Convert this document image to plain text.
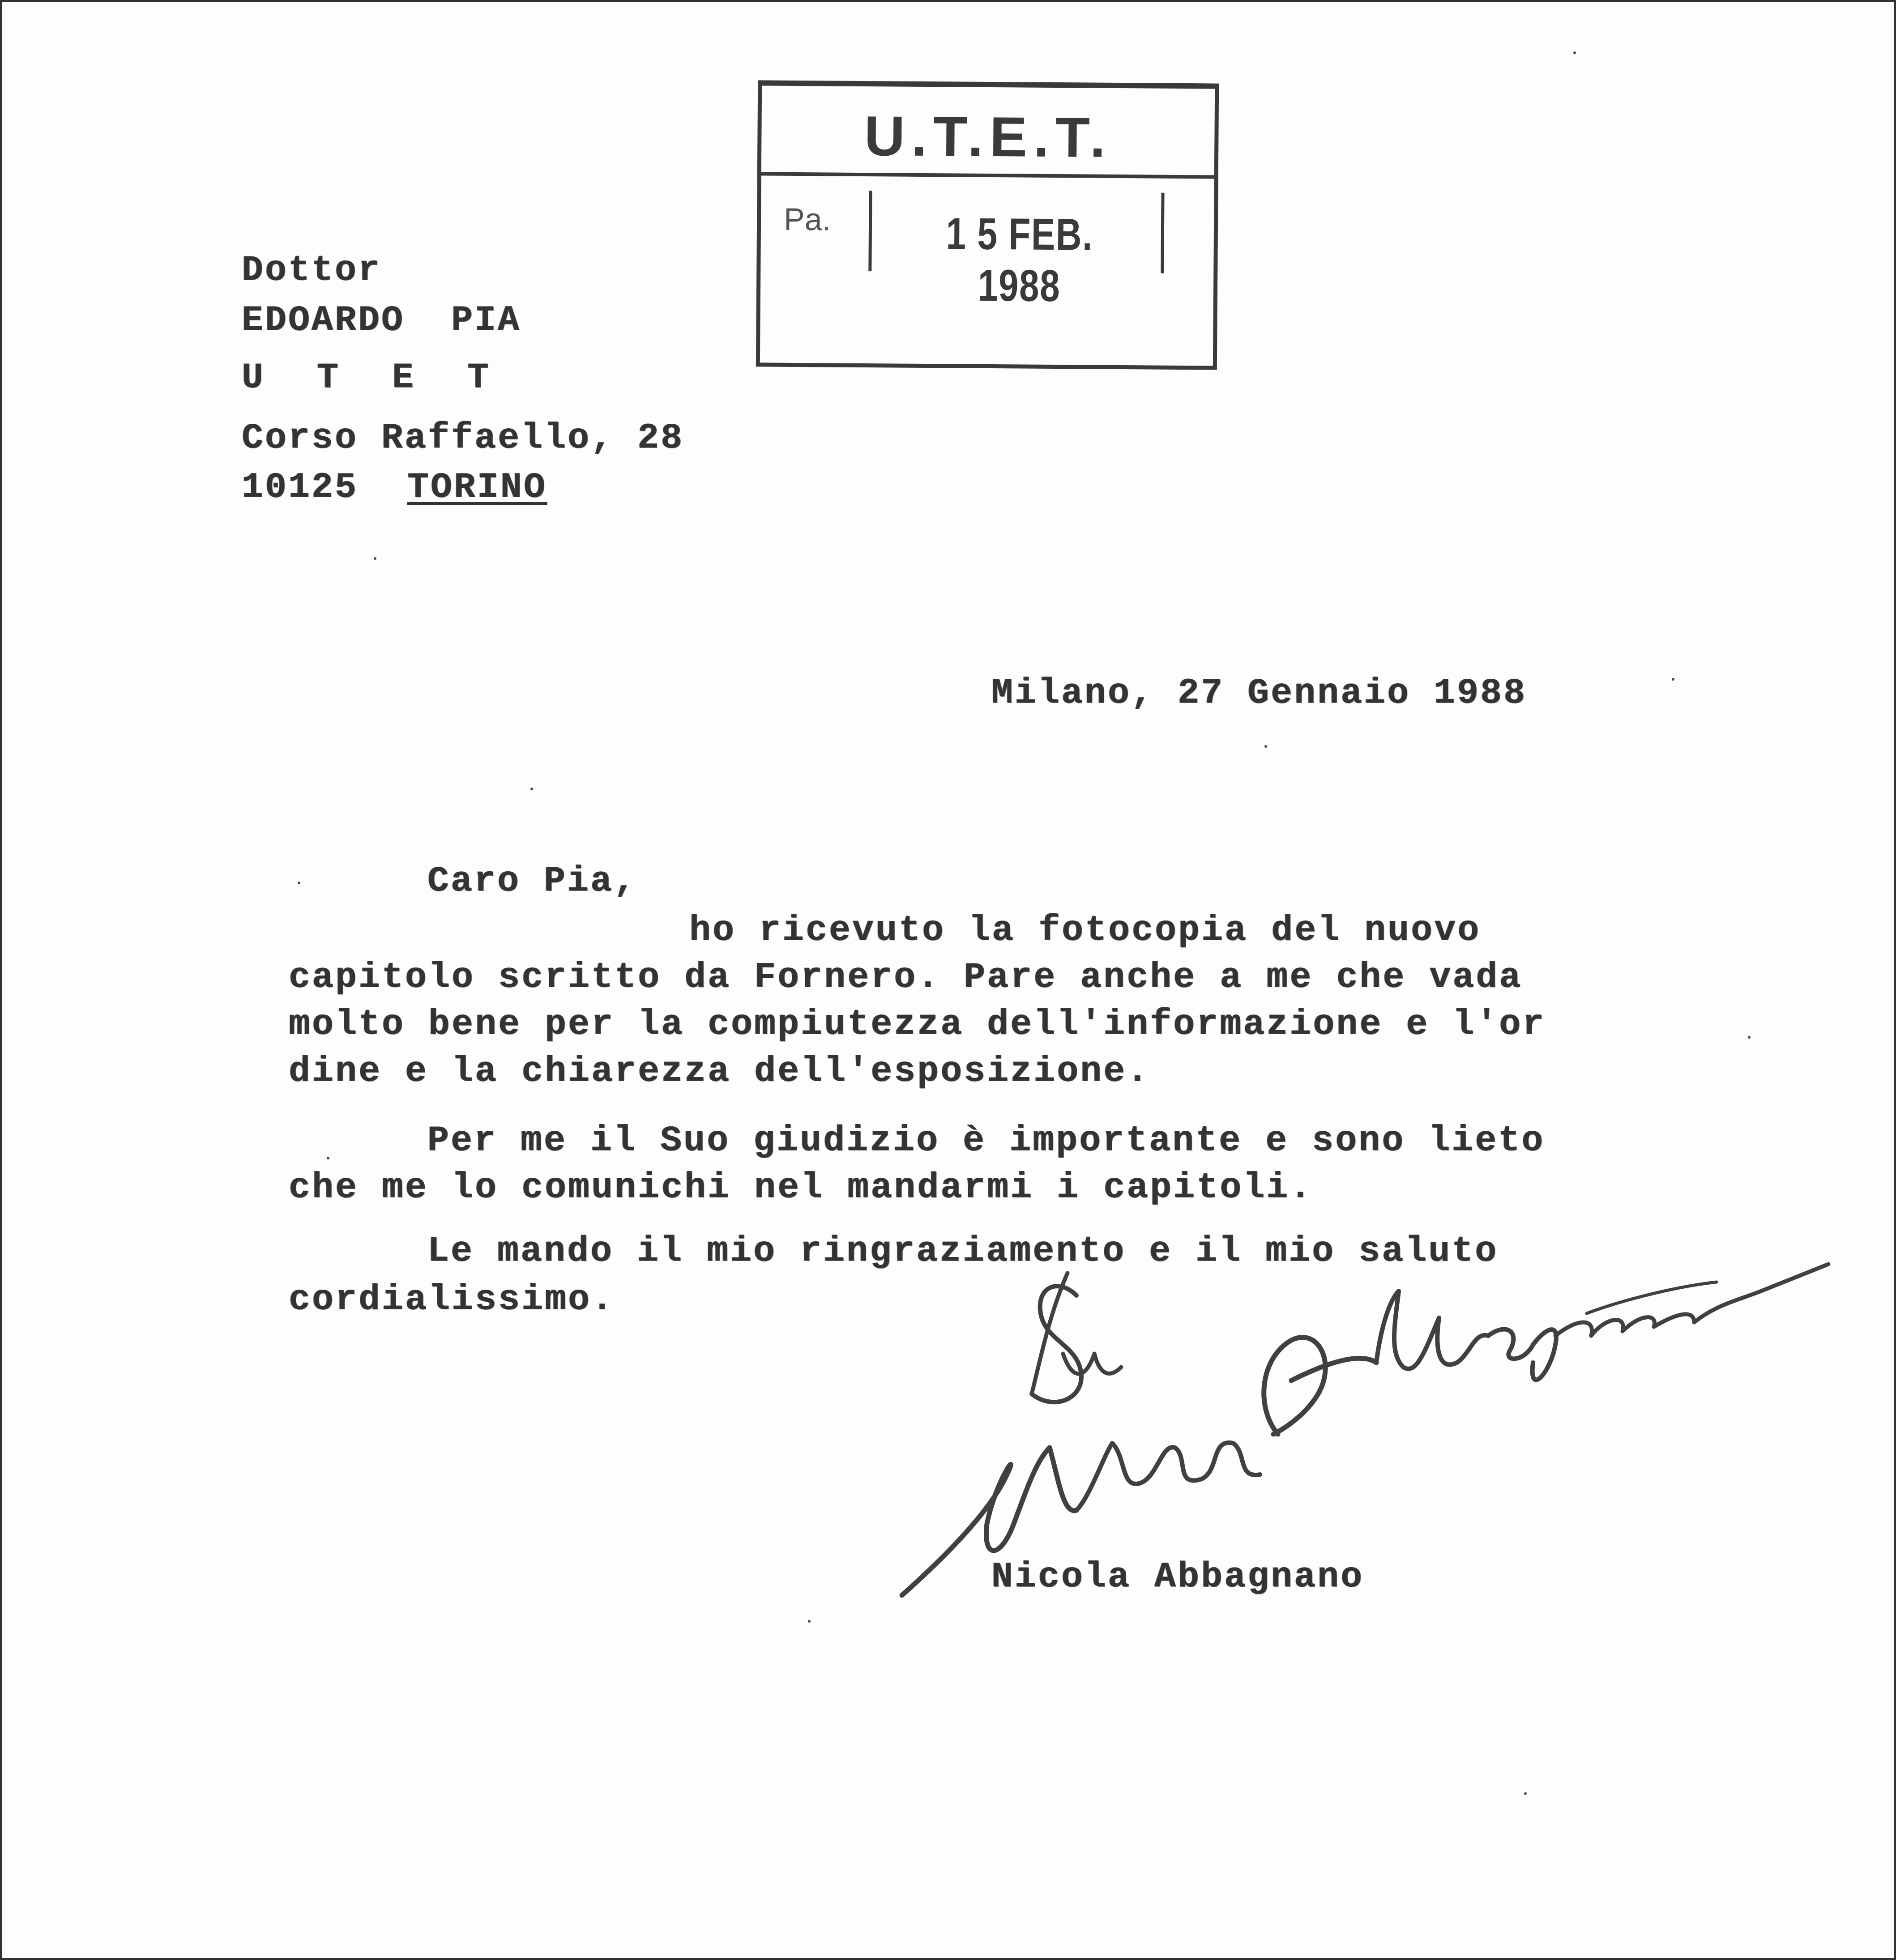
U.T.E.T.
Pa.	1 5 FEB. 1988
Dottor
EDOARDO  PIA
U T E T
Corso Raffaello, 28
10125 TORINO
Milano, 27 Gennaio 1988
Caro Pia,
ho ricevuto la fotocopia del nuovo
capitolo scritto da Fornero. Pare anche a me che vada
molto bene per la compiutezza dell'informazione e l'or
dine e la chiarezza dell'esposizione.
Per me il Suo giudizio è importante e sono lieto
che me lo comunichi nel mandarmi i capitoli.
Le mando il mio ringraziamento e il mio saluto
cordialissimo.
Nicola Abbagnano
